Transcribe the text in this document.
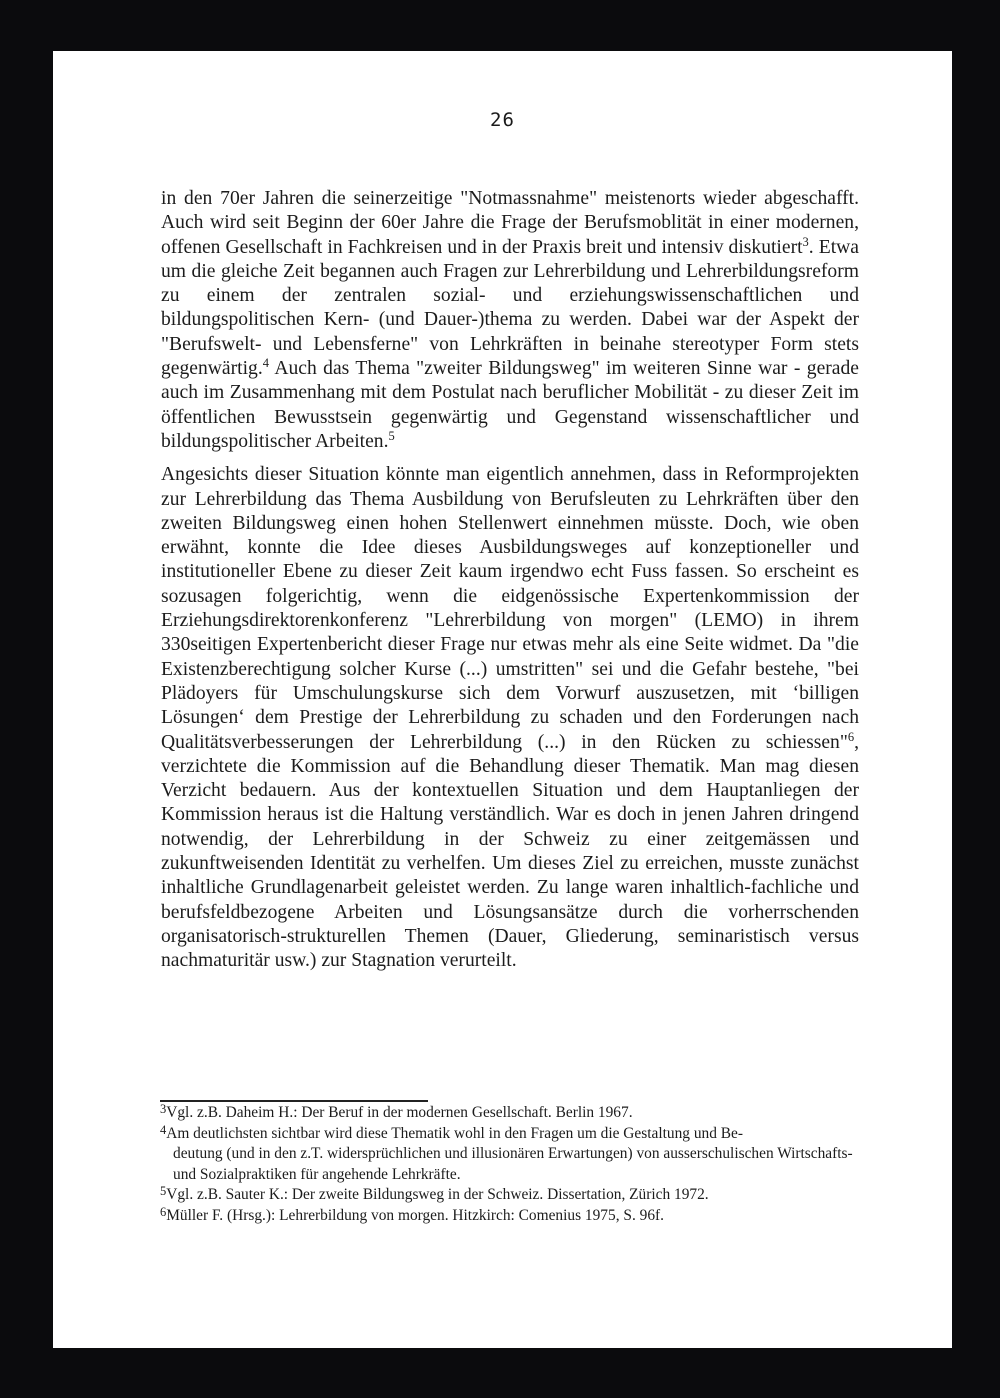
26

in den 70er Jahren die seinerzeitige "Notmassnahme" meistenorts wieder abgeschafft. Auch wird seit Beginn der 60er Jahre die Frage der Berufsmoblität in einer modernen, offenen Gesellschaft in Fachkreisen und in der Praxis breit und intensiv diskutiert$^3$. Etwa um die gleiche Zeit begannen auch Fragen zur Lehrerbildung und Lehrerbildungsreform zu einem der zentralen sozial- und erziehungswissenschaftlichen und bildungspolitischen Kern- (und Dauer-)thema zu werden. Dabei war der Aspekt der "Berufswelt- und Lebensferne" von Lehrkräften in beinahe stereotyper Form stets gegenwärtig.$^4$ Auch das Thema "zweiter Bildungsweg" im weiteren Sinne war - gerade auch im Zusammenhang mit dem Postulat nach beruflicher Mobilität - zu dieser Zeit im öffentlichen Bewusstsein gegenwärtig und Gegenstand wissenschaftlicher und bildungspolitischer Arbeiten.$^5$

Angesichts dieser Situation könnte man eigentlich annehmen, dass in Reformprojekten zur Lehrerbildung das Thema Ausbildung von Berufsleuten zu Lehrkräften über den zweiten Bildungsweg einen hohen Stellenwert einnehmen müsste. Doch, wie oben erwähnt, konnte die Idee dieses Ausbildungsweges auf konzeptioneller und institutioneller Ebene zu dieser Zeit kaum irgendwo echt Fuss fassen. So erscheint es sozusagen folgerichtig, wenn die eidgenössische Expertenkommission der Erziehungsdirektorenkonferenz "Lehrerbildung von morgen" (LEMO) in ihrem 330seitigen Expertenbericht dieser Frage nur etwas mehr als eine Seite widmet. Da "die Existenzberechtigung solcher Kurse (...) umstritten" sei und die Gefahr bestehe, "bei Plädoyers für Umschulungskurse sich dem Vorwurf auszusetzen, mit ‘billigen Lösungen‘ dem Prestige der Lehrerbildung zu schaden und den Forderungen nach Qualitätsverbesserungen der Lehrerbildung (...) in den Rücken zu schiessen"$^6$, verzichtete die Kommission auf die Behandlung dieser Thematik. Man mag diesen Verzicht bedauern. Aus der kontextuellen Situation und dem Hauptanliegen der Kommission heraus ist die Haltung verständlich. War es doch in jenen Jahren dringend notwendig, der Lehrerbildung in der Schweiz zu einer zeitgemässen und zukunftweisenden Identität zu verhelfen. Um dieses Ziel zu erreichen, musste zunächst inhaltliche Grundlagenarbeit geleistet werden. Zu lange waren inhaltlich-fachliche und berufsfeldbezogene Arbeiten und Lösungsansätze durch die vorherrschenden organisatorisch-strukturellen Themen (Dauer, Gliederung, seminaristisch versus nachmaturitär usw.) zur Stagnation verurteilt.

$^3$Vgl. z.B. Daheim H.: Der Beruf in der modernen Gesellschaft. Berlin 1967.

$^4$Am deutlichsten sichtbar wird diese Thematik wohl in den Fragen um die Gestaltung und Be-
deutung (und in den z.T. widersprüchlichen und illusionären Erwartungen) von ausserschulischen Wirtschafts- und Sozialpraktiken für angehende Lehrkräfte.

$^5$Vgl. z.B. Sauter K.: Der zweite Bildungsweg in der Schweiz. Dissertation, Zürich 1972.

$^6$Müller F. (Hrsg.): Lehrerbildung von morgen. Hitzkirch: Comenius 1975, S. 96f.
